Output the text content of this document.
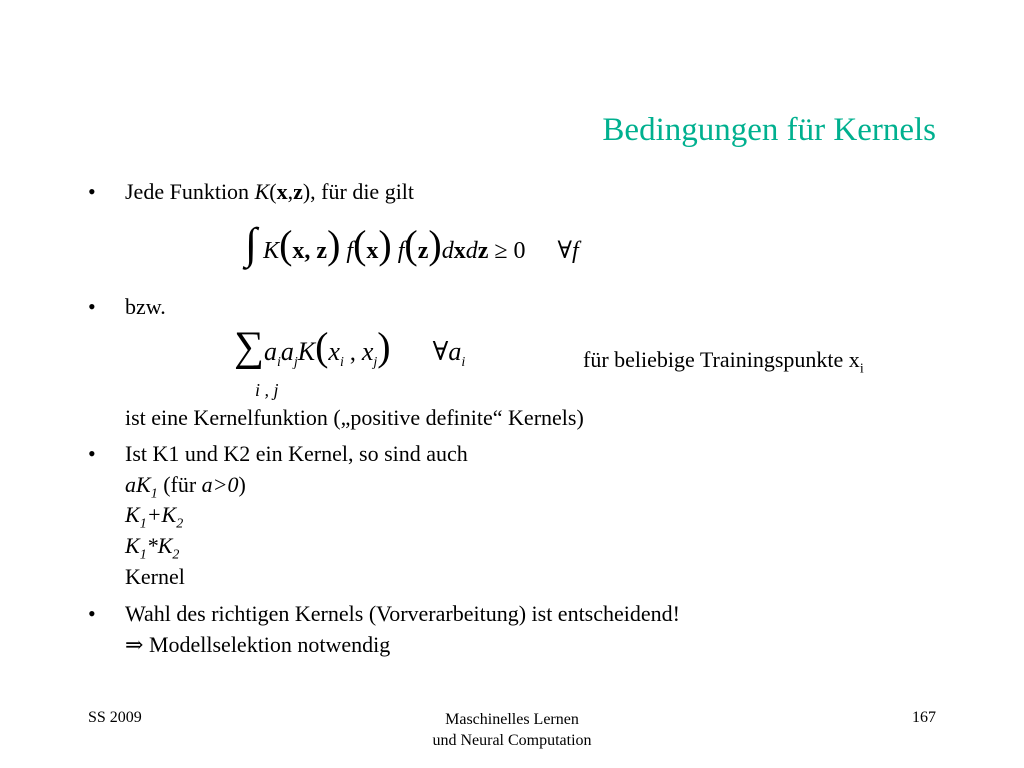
Bedingungen für Kernels
• Jede Funktion K(x,z), für die gilt
∫ K(x, z) f(x) f(z)dxdz ≥ 0 ∀f
• bzw.
$\sum a_ia_jK(x_i$ , $x_j$) $\forall a_i$
i , j
für beliebige Trainingspunkte $x_i$
ist eine Kernelfunktion („positive definite“ Kernels)
• Ist K1 und K2 ein Kernel, so sind auch
$aK_1$ (für a>0)
$K_1+K_2$
$K_1*K_2$
Kernel
• Wahl des richtigen Kernels (Vorverarbeitung) ist entscheidend!
⇒ Modellselektion notwendig
SS 2009	Maschinelles Lernen
und Neural Computation
167
